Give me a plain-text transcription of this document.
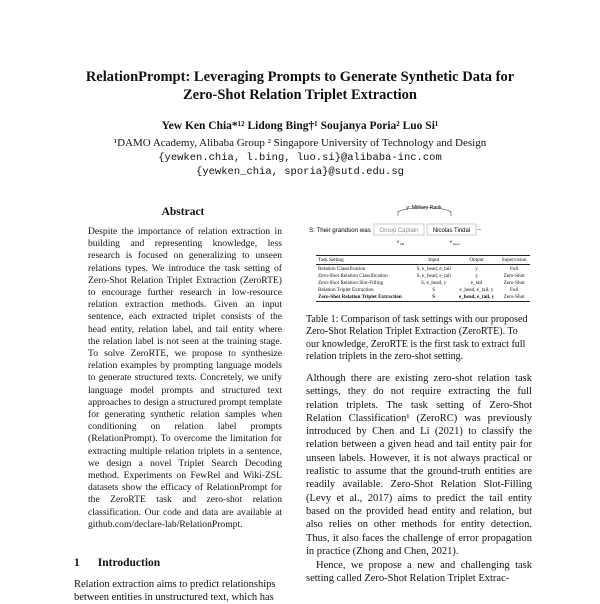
RelationPrompt: Leveraging Prompts to Generate Synthetic Data for
Zero-Shot Relation Triplet Extraction
Yew Ken Chia*¹² Lidong Bing†¹ Soujanya Poria² Luo Si¹
¹DAMO Academy, Alibaba Group ² Singapore University of Technology and Design
{yewken.chia, l.bing, luo.si}@alibaba-inc.com
{yewken_chia, sporia}@sutd.edu.sg
Abstract
Despite the importance of relation extraction in building and representing knowledge, less research is focused on generalizing to unseen relations types. We introduce the task setting of Zero-Shot Relation Triplet Extraction (ZeroRTE) to encourage further research in low-resource relation extraction methods. Given an input sentence, each extracted triplet consists of the head entity, relation label, and tail entity where the relation label is not seen at the training stage. To solve ZeroRTE, we propose to synthesize relation examples by prompting language models to generate structured texts. Concretely, we unify language model prompts and structured text approaches to design a structured prompt template for generating synthetic relation samples when conditioning on relation label prompts (RelationPrompt). To overcome the limitation for extracting multiple relation triplets in a sentence, we design a novel Triplet Search Decoding method. Experiments on FewRel and Wiki-ZSL datasets show the efficacy of RelationPrompt for the ZeroRTE task and zero-shot relation classification. Our code and data are available at github.com/declare-lab/RelationPrompt.
1 Introduction
Relation extraction aims to predict relationships between entities in unstructured text, which has
y: Military Rank
S: Their grandson was Group Captain Nicolas Tindal
e tail	e head
Task Setting	Input	Output	Supervision
Relation Classification	S, e_head, e_tail	y	Full
Zero-Shot Relation Classification	S, e_head, e_tail	y	Zero-Shot
Zero-Shot Relation Slot-Filling	S, e_head, y	e_tail	Zero-Shot
Relation Triplet Extraction	S	e_head, e_tail, y	Full
Zero-Shot Relation Triplet Extraction	S	e_head, e_tail, y	Zero-Shot
Table 1: Comparison of task settings with our proposed Zero-Shot Relation Triplet Extraction (ZeroRTE). To our knowledge, ZeroRTE is the first task to extract full relation triplets in the zero-shot setting.

Although there are existing zero-shot relation task settings, they do not require extracting the full relation triplets. The task setting of Zero-Shot Relation Classification¹ (ZeroRC) was previously introduced by Chen and Li (2021) to classify the relation between a given head and tail entity pair for unseen labels. However, it is not always practical or realistic to assume that the ground-truth entities are readily available. Zero-Shot Relation Slot-Filling (Levy et al., 2017) aims to predict the tail entity based on the provided head entity and relation, but also relies on other methods for entity detection. Thus, it also faces the challenge of error propagation in practice (Zhong and Chen, 2021).

Hence, we propose a new and challenging task setting called Zero-Shot Relation Triplet Extrac-
